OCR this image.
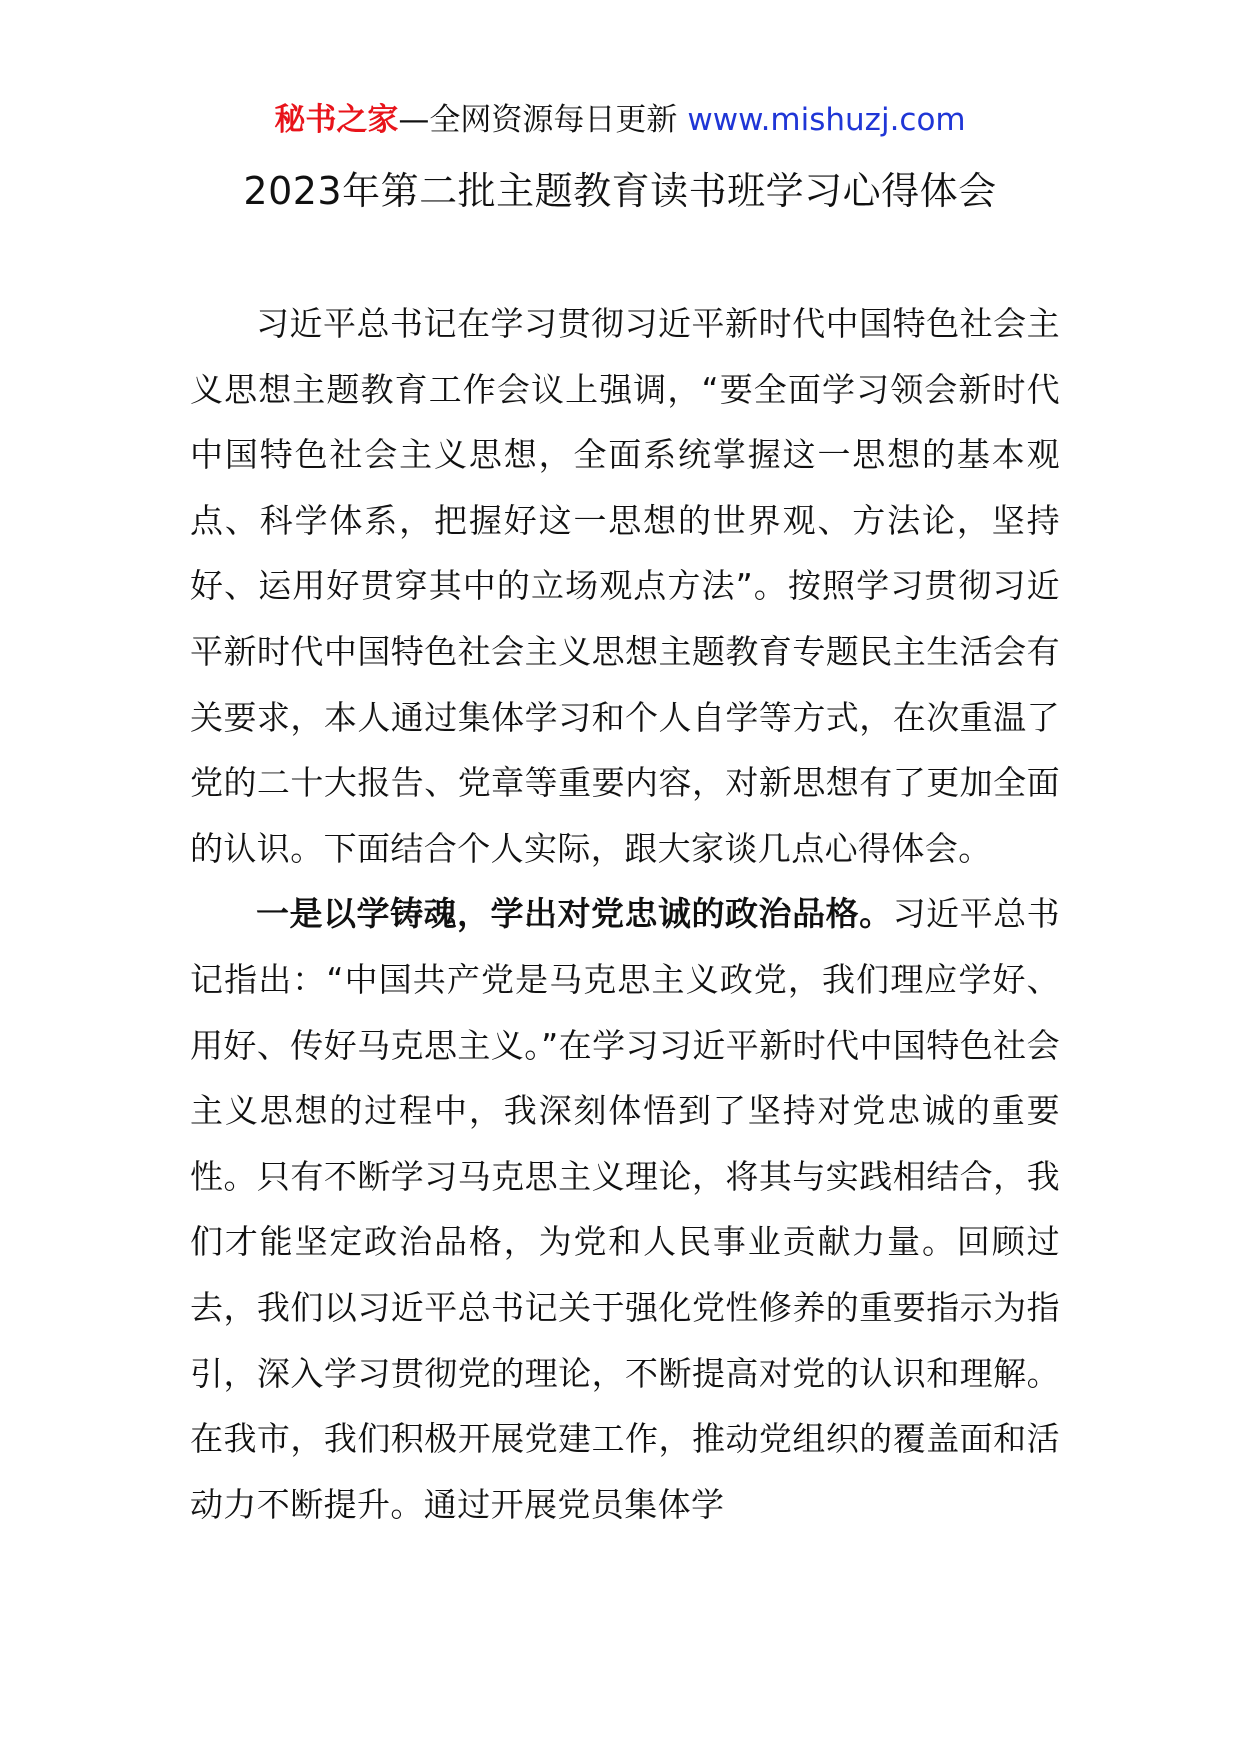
秘书之家—全网资源每日更新 www.mishuzj.com
2023年第二批主题教育读书班学习心得体会

习近平总书记在学习贯彻习近平新时代中国特色社会主义思想主题教育工作会议上强调，“要全面学习领会新时代中国特色社会主义思想，全面系统掌握这一思想的基本观点、科学体系，把握好这一思想的世界观、方法论，坚持好、运用好贯穿其中的立场观点方法”。按照学习贯彻习近平新时代中国特色社会主义思想主题教育专题民主生活会有关要求，本人通过集体学习和个人自学等方式，在次重温了党的二十大报告、党章等重要内容，对新思想有了更加全面的认识。下面结合个人实际，跟大家谈几点心得体会。

一是以学铸魂，学出对党忠诚的政治品格。习近平总书记指出：“中国共产党是马克思主义政党，我们理应学好、用好、传好马克思主义。”在学习习近平新时代中国特色社会主义思想的过程中，我深刻体悟到了坚持对党忠诚的重要性。只有不断学习马克思主义理论，将其与实践相结合，我们才能坚定政治品格，为党和人民事业贡献力量。回顾过去，我们以习近平总书记关于强化党性修养的重要指示为指引，深入学习贯彻党的理论，不断提高对党的认识和理解。在我市，我们积极开展党建工作，推动党组织的覆盖面和活动力不断提升。通过开展党员集体学
